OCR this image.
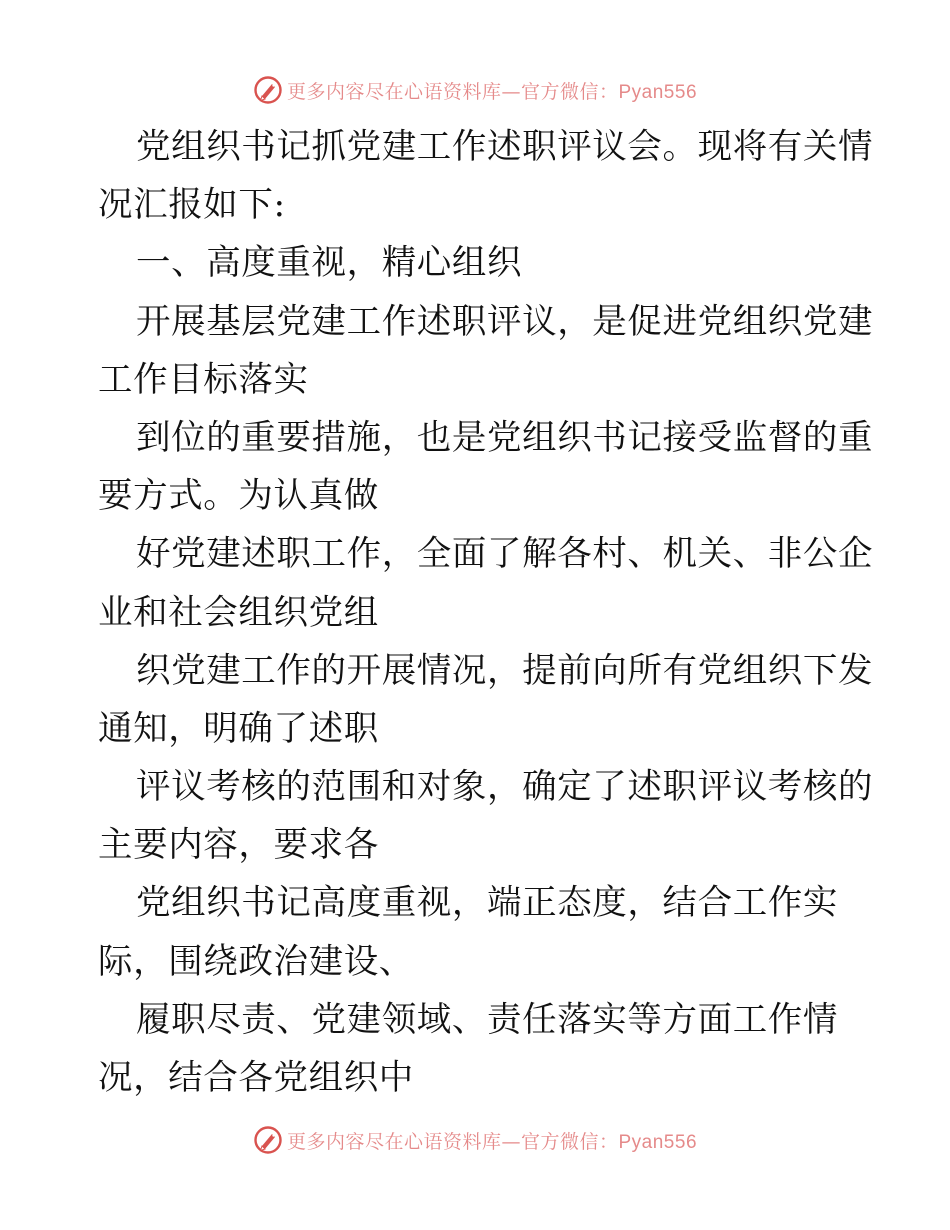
更多内容尽在心语资料库—官方微信：Pyan556
党组织书记抓党建工作述职评议会。现将有关情
况汇报如下:
一、高度重视，精心组织
开展基层党建工作述职评议，是促进党组织党建
工作目标落实
到位的重要措施，也是党组织书记接受监督的重
要方式。为认真做
好党建述职工作，全面了解各村、机关、非公企
业和社会组织党组
织党建工作的开展情况，提前向所有党组织下发
通知，明确了述职
评议考核的范围和对象，确定了述职评议考核的
主要内容，要求各
党组织书记高度重视，端正态度，结合工作实
际，围绕政治建设、
履职尽责、党建领域、责任落实等方面工作情
况，结合各党组织中
更多内容尽在心语资料库—官方微信：Pyan556
